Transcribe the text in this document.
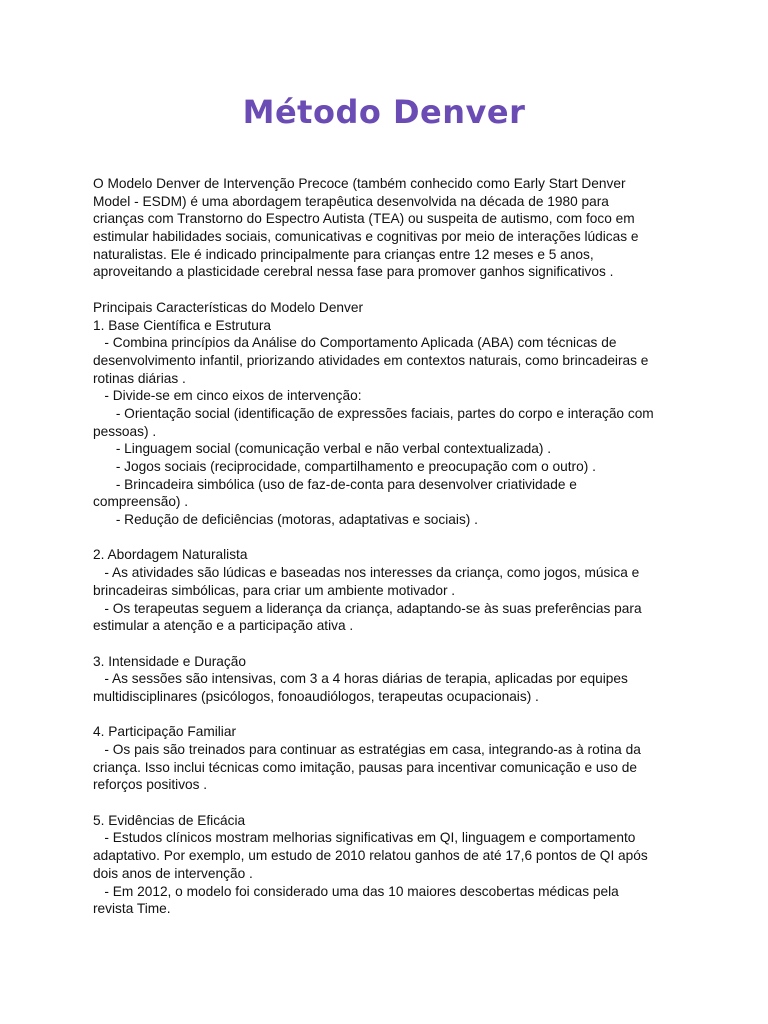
Método Denver
O Modelo Denver de Intervenção Precoce (também conhecido como Early Start Denver
Model - ESDM) é uma abordagem terapêutica desenvolvida na década de 1980 para
crianças com Transtorno do Espectro Autista (TEA) ou suspeita de autismo, com foco em
estimular habilidades sociais, comunicativas e cognitivas por meio de interações lúdicas e
naturalistas. Ele é indicado principalmente para crianças entre 12 meses e 5 anos,
aproveitando a plasticidade cerebral nessa fase para promover ganhos significativos .
Principais Características do Modelo Denver
1. Base Científica e Estrutura
- Combina princípios da Análise do Comportamento Aplicada (ABA) com técnicas de
desenvolvimento infantil, priorizando atividades em contextos naturais, como brincadeiras e
rotinas diárias .
- Divide-se em cinco eixos de intervenção:
- Orientação social (identificação de expressões faciais, partes do corpo e interação com
pessoas) .
- Linguagem social (comunicação verbal e não verbal contextualizada) .
- Jogos sociais (reciprocidade, compartilhamento e preocupação com o outro) .
- Brincadeira simbólica (uso de faz-de-conta para desenvolver criatividade e
compreensão) .
- Redução de deficiências (motoras, adaptativas e sociais) .
2. Abordagem Naturalista
- As atividades são lúdicas e baseadas nos interesses da criança, como jogos, música e
brincadeiras simbólicas, para criar um ambiente motivador .
- Os terapeutas seguem a liderança da criança, adaptando-se às suas preferências para
estimular a atenção e a participação ativa .
3. Intensidade e Duração
- As sessões são intensivas, com 3 a 4 horas diárias de terapia, aplicadas por equipes
multidisciplinares (psicólogos, fonoaudiólogos, terapeutas ocupacionais) .
4. Participação Familiar
- Os pais são treinados para continuar as estratégias em casa, integrando-as à rotina da
criança. Isso inclui técnicas como imitação, pausas para incentivar comunicação e uso de
reforços positivos .
5. Evidências de Eficácia
- Estudos clínicos mostram melhorias significativas em QI, linguagem e comportamento
adaptativo. Por exemplo, um estudo de 2010 relatou ganhos de até 17,6 pontos de QI após
dois anos de intervenção .
- Em 2012, o modelo foi considerado uma das 10 maiores descobertas médicas pela
revista Time.
